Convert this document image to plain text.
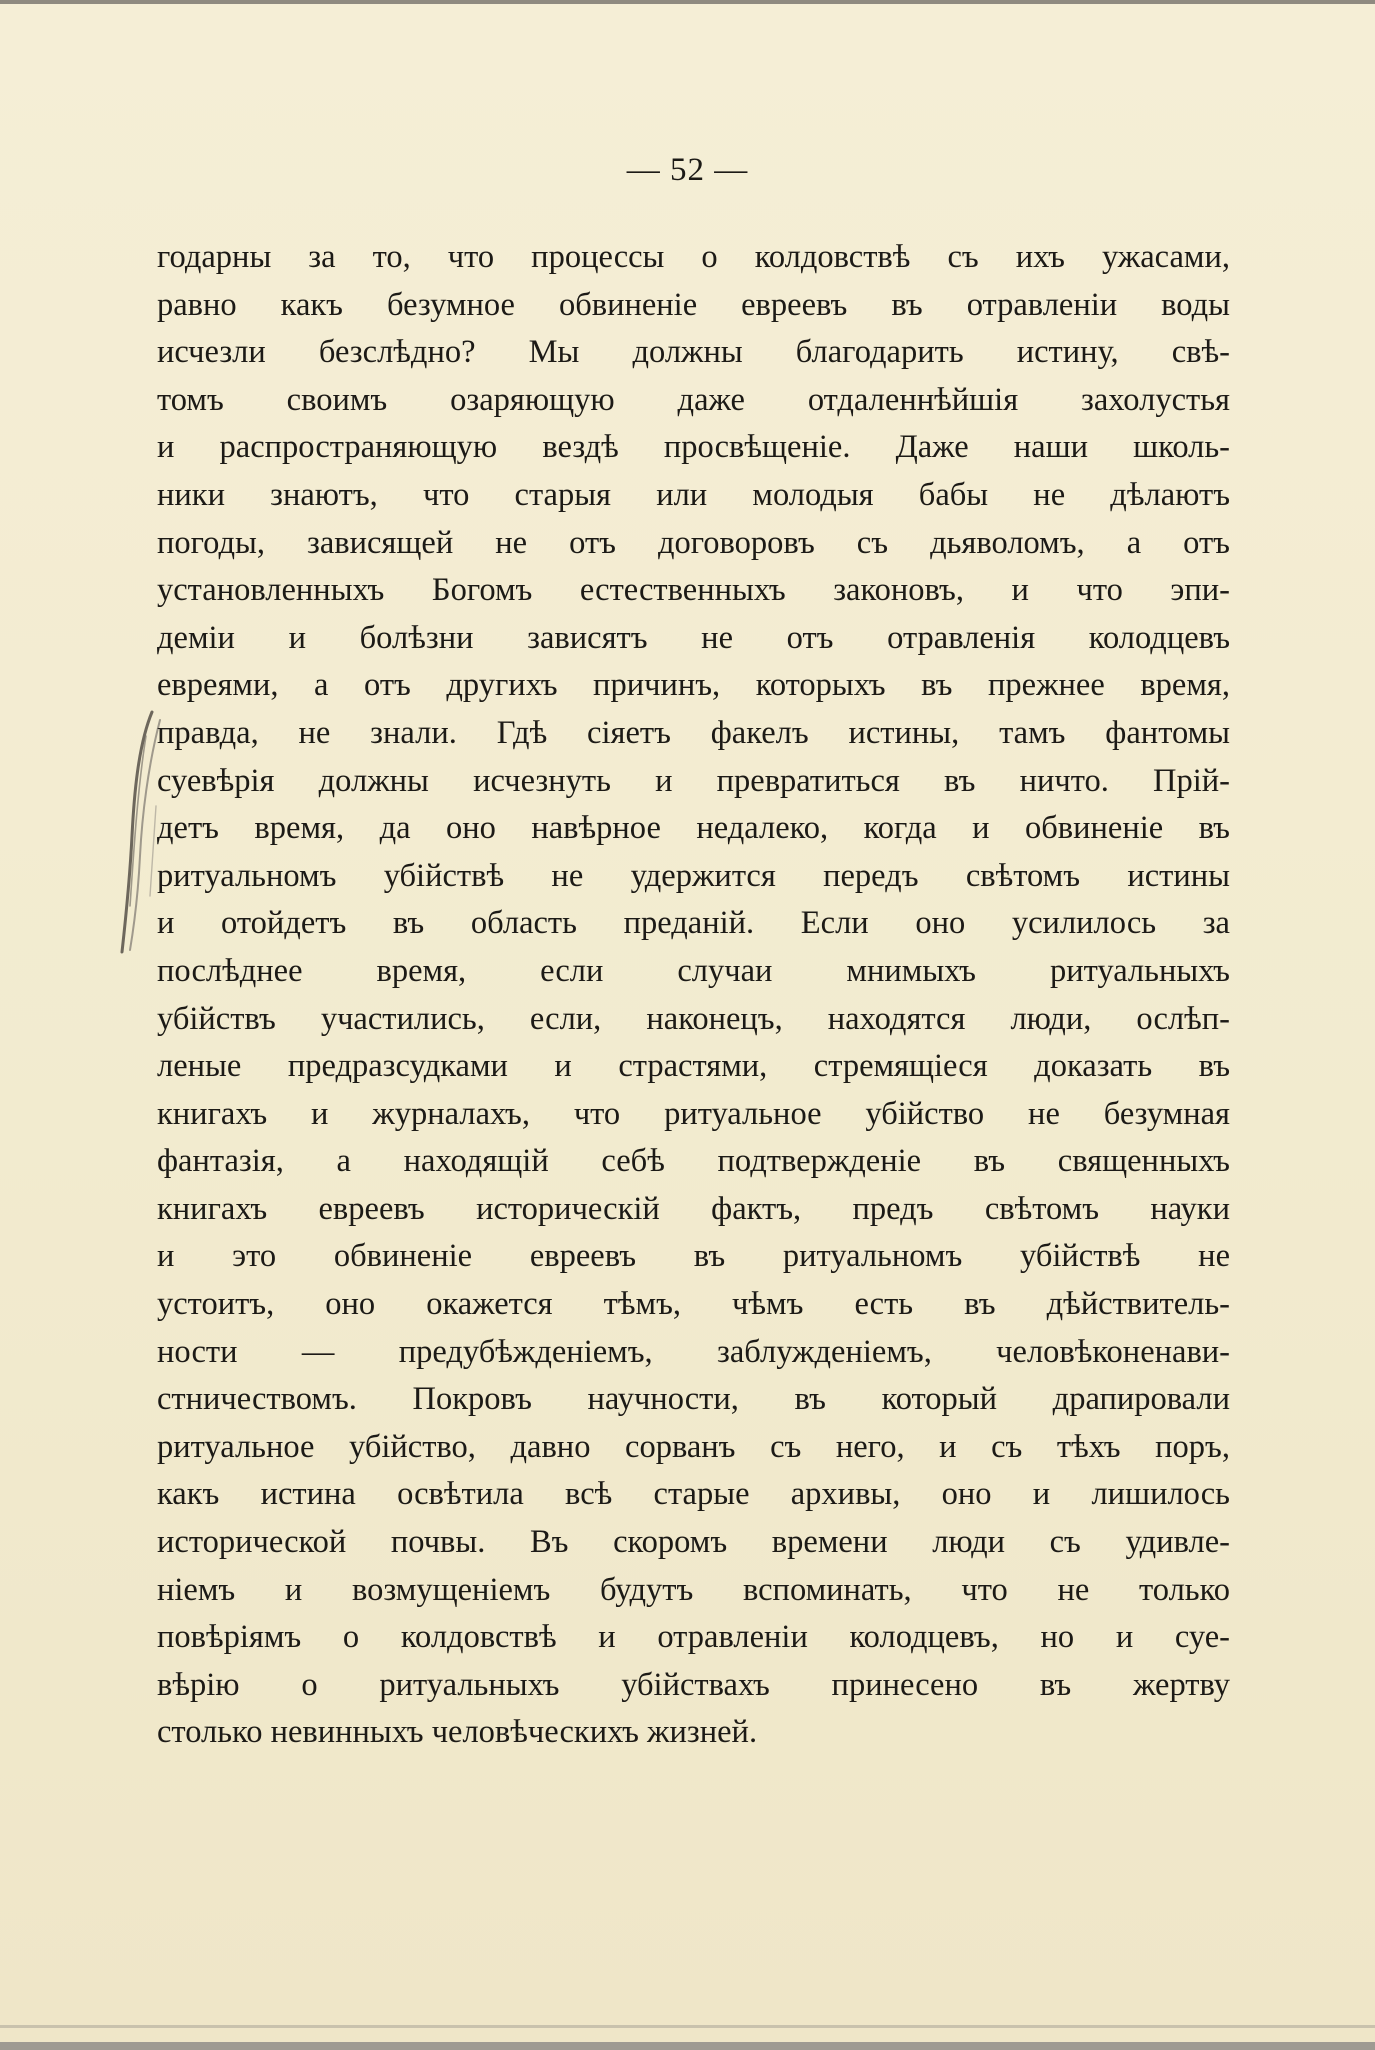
— 52 —
годарны за то, что процессы о колдовствѣ съ ихъ ужасами,
равно какъ безумное обвиненіе евреевъ въ отравленіи воды
исчезли безслѣдно? Мы должны благодарить истину, свѣ-
томъ своимъ озаряющую даже отдаленнѣйшія захолустья
и распространяющую вездѣ просвѣщеніе. Даже наши школь-
ники знаютъ, что старыя или молодыя бабы не дѣлаютъ
погоды, зависящей не отъ договоровъ съ дьяволомъ, а отъ
установленныхъ Богомъ естественныхъ законовъ, и что эпи-
деміи и болѣзни зависятъ не отъ отравленія колодцевъ
евреями, а отъ другихъ причинъ, которыхъ въ прежнее время,
правда, не знали. Гдѣ сіяетъ факелъ истины, тамъ фантомы
суевѣрія должны исчезнуть и превратиться въ ничто. Прій-
детъ время, да оно навѣрное недалеко, когда и обвиненіе въ
ритуальномъ убійствѣ не удержится передъ свѣтомъ истины
и отойдетъ въ область преданій. Если оно усилилось за
послѣднее время, если случаи мнимыхъ ритуальныхъ
убійствъ участились, если, наконецъ, находятся люди, ослѣп-
леные предразсудками и страстями, стремящіеся доказать въ
книгахъ и журналахъ, что ритуальное убійство не безумная
фантазія, а находящій себѣ подтвержденіе въ священныхъ
книгахъ евреевъ историческій фактъ, предъ свѣтомъ науки
и это обвиненіе евреевъ въ ритуальномъ убійствѣ не
устоитъ, оно окажется тѣмъ, чѣмъ есть въ дѣйствитель-
ности — предубѣжденіемъ, заблужденіемъ, человѣконенави-
стничествомъ. Покровъ научности, въ который драпировали
ритуальное убійство, давно сорванъ съ него, и съ тѣхъ поръ,
какъ истина освѣтила всѣ старые архивы, оно и лишилось
исторической почвы. Въ скоромъ времени люди съ удивле-
ніемъ и возмущеніемъ будутъ вспоминать, что не только
повѣріямъ о колдовствѣ и отравленіи колодцевъ, но и суе-
вѣрію о ритуальныхъ убійствахъ принесено въ жертву
столько невинныхъ человѣческихъ жизней.
